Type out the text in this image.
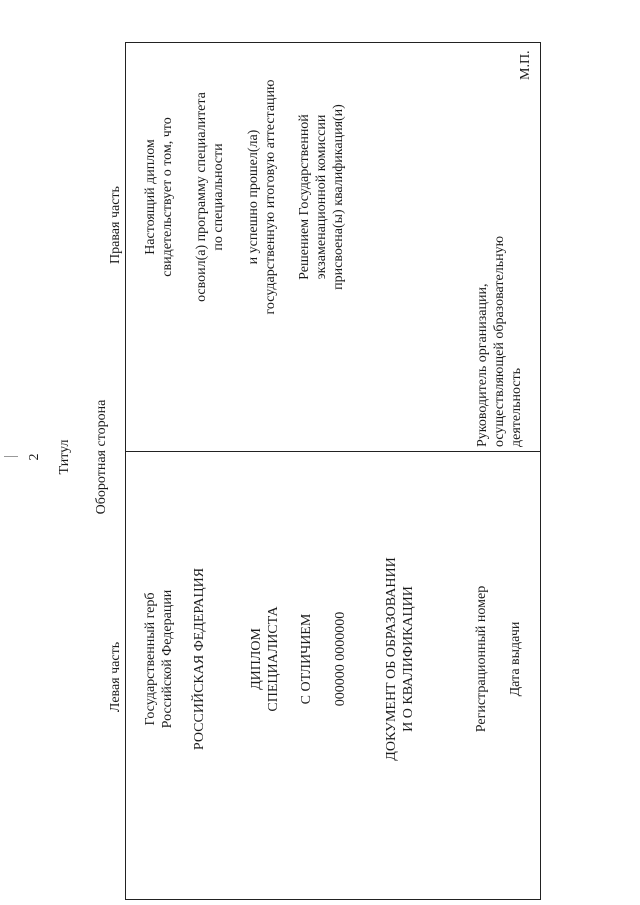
2 Титул Оборотная сторона
Левая часть
Правая часть
Государственный герб Российской Федерации РОССИЙСКАЯ ФЕДЕРАЦИЯ	ДИПЛОМ СПЕЦИАЛИСТА С ОТЛИЧИЕМ 000000 0000000	ДОКУМЕНТ ОБ ОБРАЗОВАНИИ И О КВАЛИФИКАЦИИ	Регистрационный номер Дата выдачи
Настоящий диплом свидетельствует о том, что освоил(а) программу специалитета по специальности и успешно прошел(ла) государственную итоговую аттестацию Решением Государственной экзаменационной комиссии присвоена(ы) квалификация(и)
Руководитель организации, осуществляющей образовательную деятельность
М.П.
